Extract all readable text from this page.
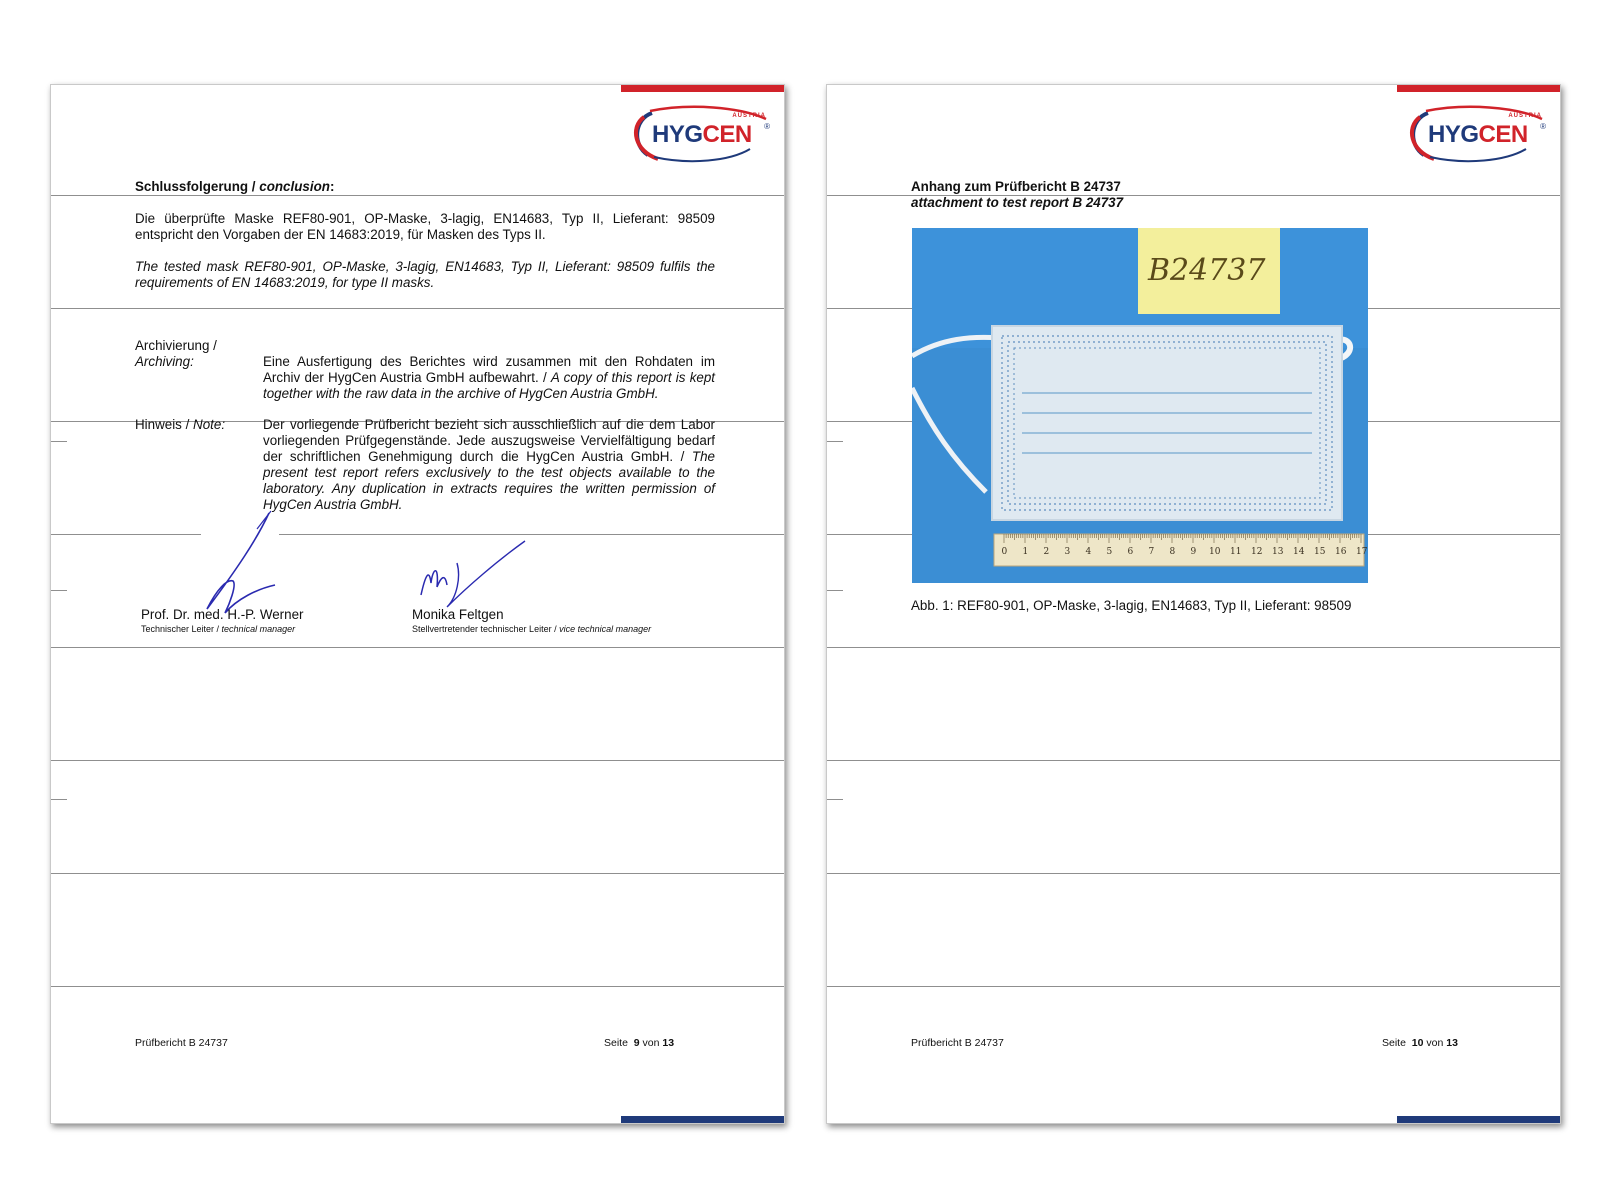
HYGCEN
AUSTRIA
®
Schlussfolgerung / conclusion:
Die überprüfte Maske REF80-901, OP-Maske, 3-lagig, EN14683, Typ II, Lieferant: 98509 entspricht den Vorgaben der EN 14683:2019, für Masken des Typs II.
The tested mask REF80-901, OP-Maske, 3-lagig, EN14683, Typ II, Lieferant: 98509 fulfils the requirements of EN 14683:2019, for type II masks.
Archivierung /
Archiving:	Eine Ausfertigung des Berichtes wird zusammen mit den Rohdaten im Archiv der HygCen Austria GmbH aufbewahrt. / A copy of this report is kept together with the raw data in the archive of HygCen Austria GmbH.
Hinweis / Note:	Der vorliegende Prüfbericht bezieht sich ausschließlich auf die dem Labor vorliegenden Prüfgegenstände. Jede auszugsweise Vervielfältigung bedarf der schriftlichen Genehmigung durch die HygCen Austria GmbH. / The present test report refers exclusively to the test objects available to the laboratory. Any duplication in extracts requires the written permission of HygCen Austria GmbH.
Prof. Dr. med. H.-P. Werner
Technischer Leiter / technical manager
Monika Feltgen
Stellvertretender technischer Leiter / vice technical manager
Prüfbericht B 24737	Seite 9 von 13
HYGCEN
AUSTRIA
®
Anhang zum Prüfbericht B 24737
attachment to test report B 24737
B24737
0 1 2 3 4 5 6 7 8 9 10 11 12 13 14 15 16 17
Abb. 1: REF80-901, OP-Maske, 3-lagig, EN14683, Typ II, Lieferant: 98509
Prüfbericht B 24737	Seite 10 von 13
